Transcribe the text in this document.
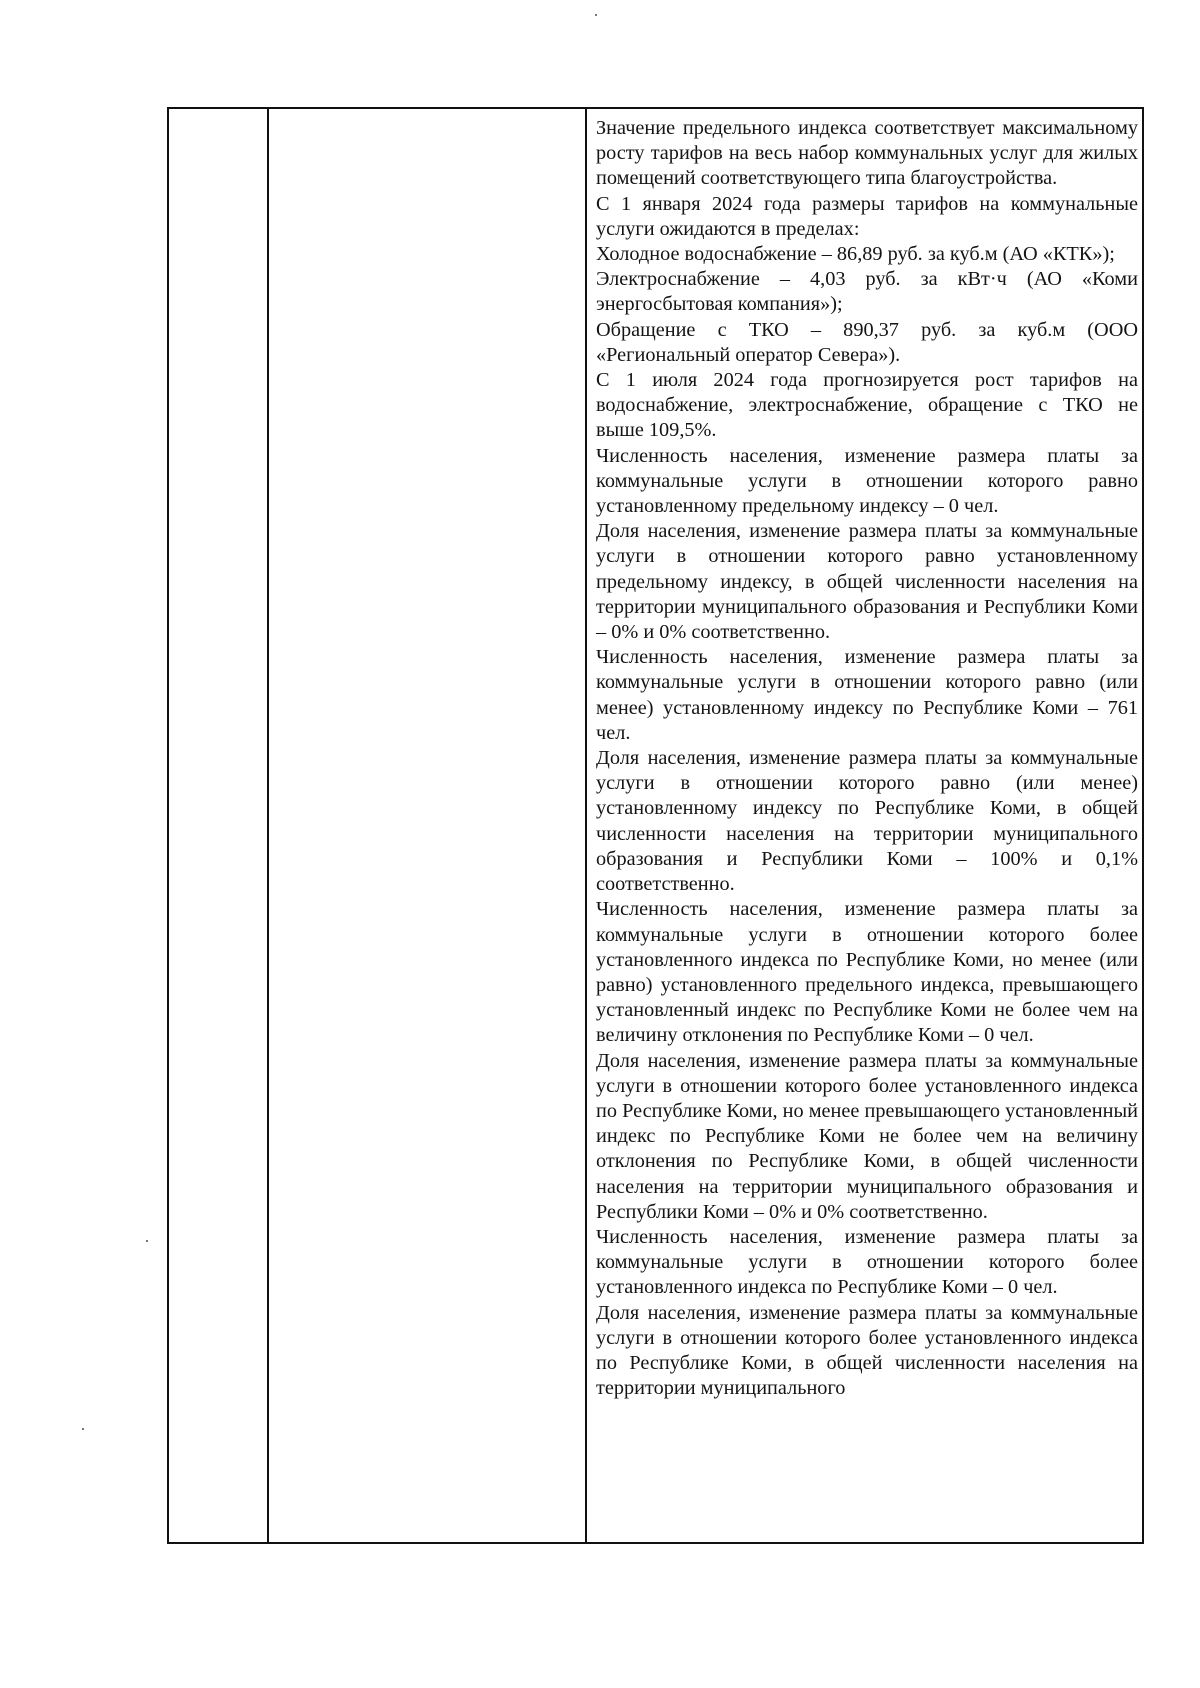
Значение предельного индекса соответствует максимальному росту тарифов на весь набор коммунальных услуг для жилых помещений соответствующего типа благоустройства.

С 1 января 2024 года размеры тарифов на коммунальные услуги ожидаются в пределах:

Холодное водоснабжение – 86,89 руб. за куб.м (АО «КТК»);

Электроснабжение – 4,03 руб. за кВт·ч (АО «Коми энергосбытовая компания»);

Обращение с ТКО – 890,37 руб. за куб.м (ООО «Региональный оператор Севера»).

С 1 июля 2024 года прогнозируется рост тарифов на водоснабжение, электроснабжение, обращение с ТКО не выше 109,5%.

Численность населения, изменение размера платы за коммунальные услуги в отношении которого равно установленному предельному индексу – 0 чел.

Доля населения, изменение размера платы за коммунальные услуги в отношении которого равно установленному предельному индексу, в общей численности населения на территории муниципального образования и Республики Коми – 0% и 0% соответственно.

Численность населения, изменение размера платы за коммунальные услуги в отношении которого равно (или менее) установленному индексу по Республике Коми – 761 чел.

Доля населения, изменение размера платы за коммунальные услуги в отношении которого равно (или менее) установленному индексу по Республике Коми, в общей численности населения на территории муниципального образования и Республики Коми – 100% и 0,1% соответственно.

Численность населения, изменение размера платы за коммунальные услуги в отношении которого более установленного индекса по Республике Коми, но менее (или равно) установленного предельного индекса, превышающего установленный индекс по Республике Коми не более чем на величину отклонения по Республике Коми – 0 чел.

Доля населения, изменение размера платы за коммунальные услуги в отношении которого более установленного индекса по Республике Коми, но менее превышающего установленный индекс по Республике Коми не более чем на величину отклонения по Республике Коми, в общей численности населения на территории муниципального образования и Республики Коми – 0% и 0% соответственно.

Численность населения, изменение размера платы за коммунальные услуги в отношении которого более установленного индекса по Республике Коми – 0 чел.

Доля населения, изменение размера платы за коммунальные услуги в отношении которого более установленного индекса по Республике Коми, в общей численности населения на территории муниципального
